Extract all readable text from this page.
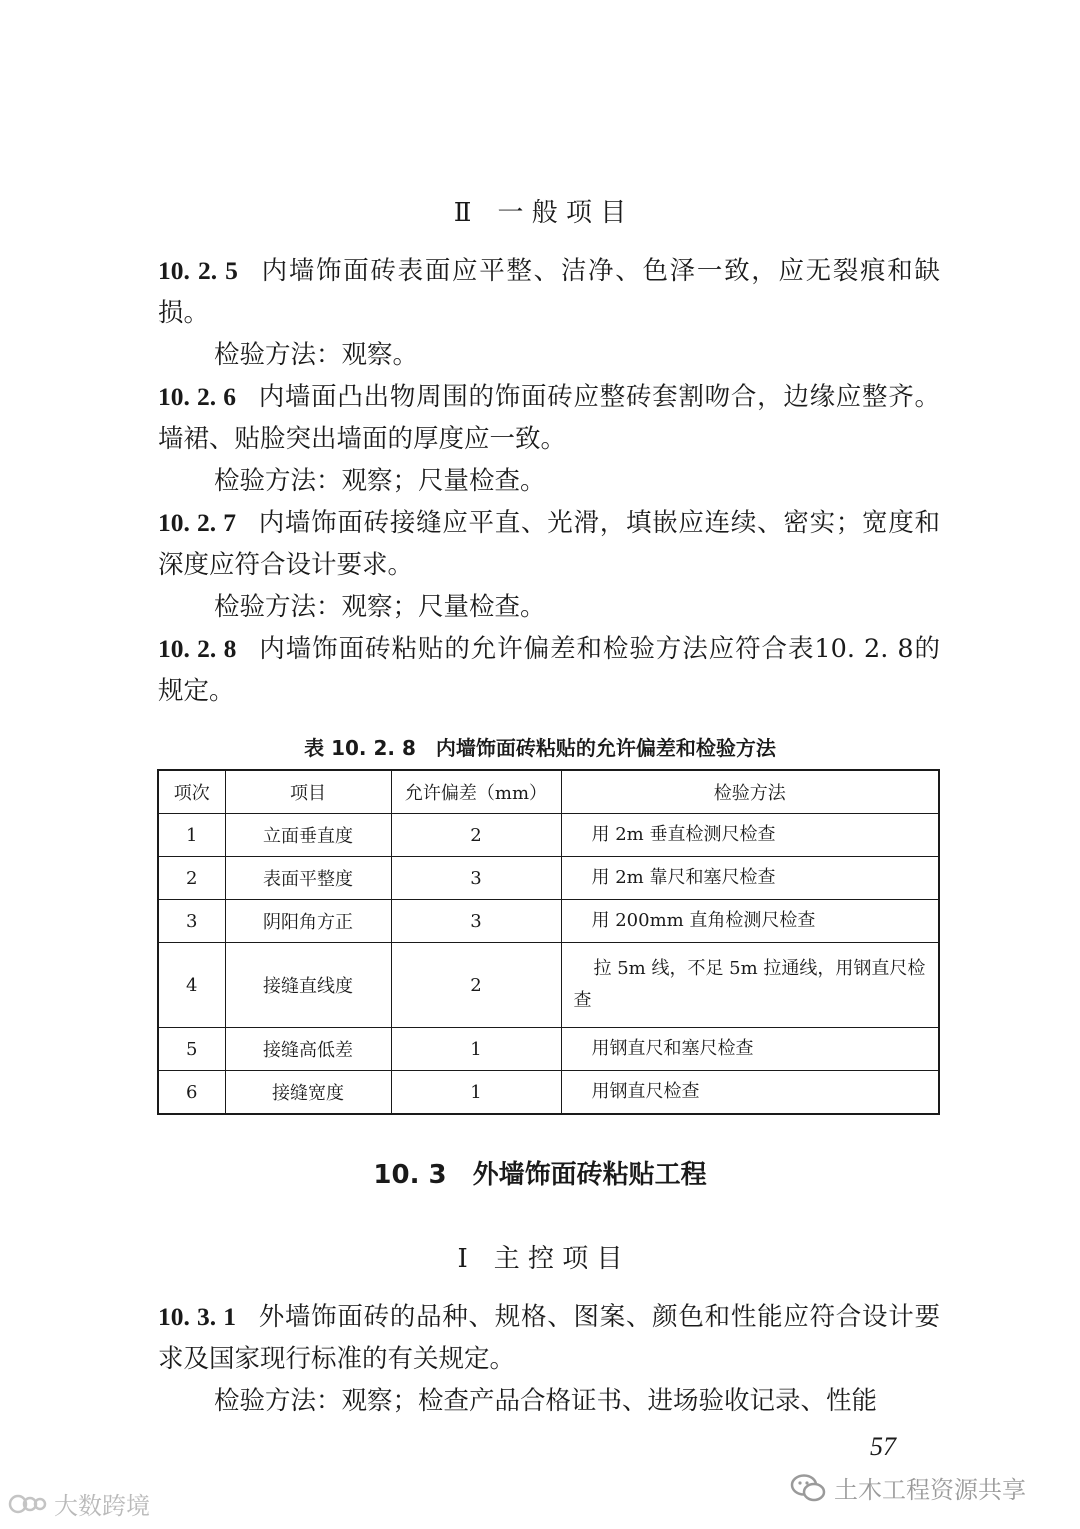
Ⅱ　一 般 项 目

10. 2. 5 内墙饰面砖表面应平整、洁净、色泽一致，应无裂痕和缺损。

检验方法：观察。

10. 2. 6 内墙面凸出物周围的饰面砖应整砖套割吻合，边缘应整齐。墙裙、贴脸突出墙面的厚度应一致。

检验方法：观察；尺量检查。

10. 2. 7 内墙饰面砖接缝应平直、光滑，填嵌应连续、密实；宽度和深度应符合设计要求。

检验方法：观察；尺量检查。

10. 2. 8 内墙饰面砖粘贴的允许偏差和检验方法应符合表10. 2. 8的规定。

表 10. 2. 8　内墙饰面砖粘贴的允许偏差和检验方法
项次	项目	允许偏差（mm）	检验方法
1	立面垂直度	2	用 2m 垂直检测尺检查
2	表面平整度	3	用 2m 靠尺和塞尺检查
3	阴阳角方正	3	用 200mm 直角检测尺检查
4	接缝直线度	2	拉 5m 线，不足 5m 拉通线，用钢直尺检查
5	接缝高低差	1	用钢直尺和塞尺检查
6	接缝宽度	1	用钢直尺检查
10. 3　外墙饰面砖粘贴工程
Ⅰ　主 控 项 目

10. 3. 1 外墙饰面砖的品种、规格、图案、颜色和性能应符合设计要求及国家现行标准的有关规定。

检验方法：观察；检查产品合格证书、进场验收记录、性能

57
大数跨境
土木工程资源共享
